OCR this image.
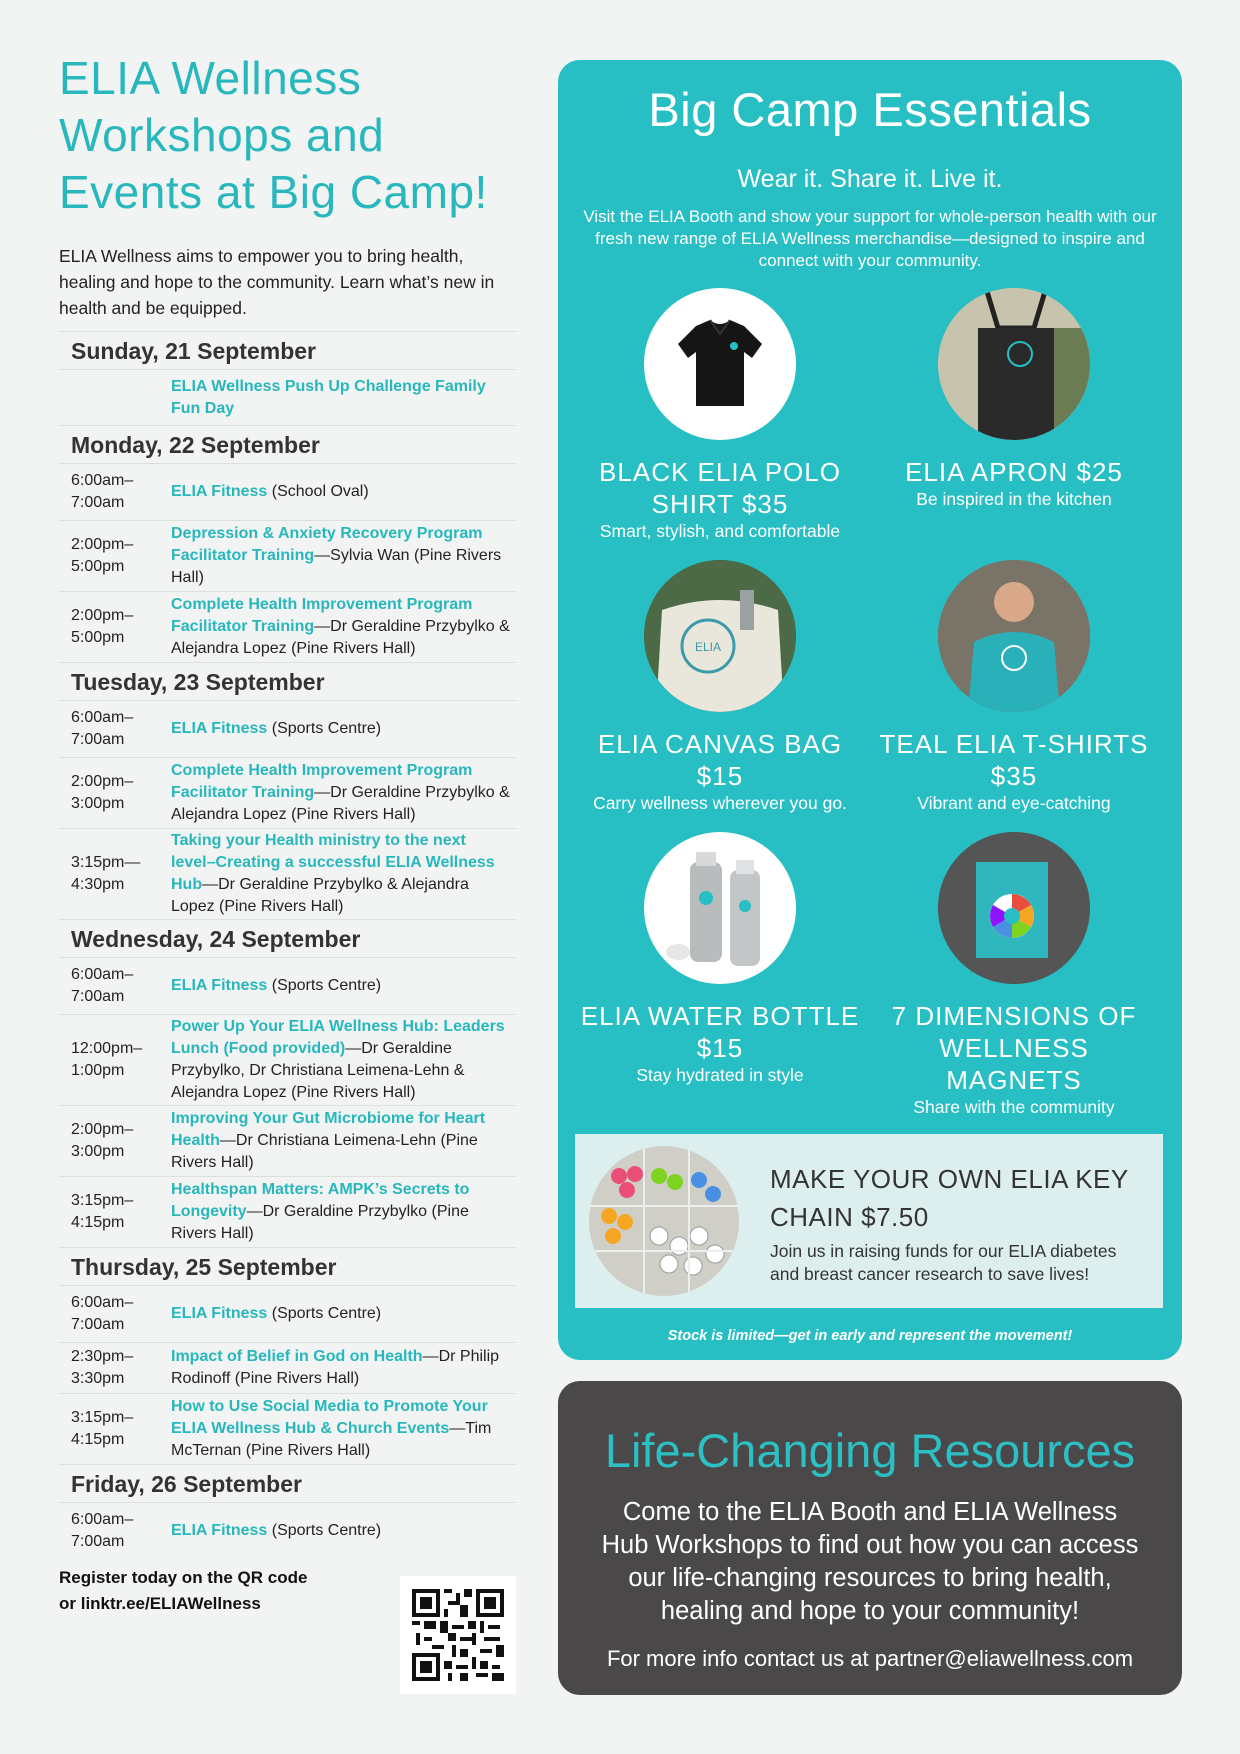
ELIA Wellness Workshops and Events at Big Camp!

ELIA Wellness aims to empower you to bring health, healing and hope to the community. Learn what’s new in health and be equipped.

Sunday, 21 September
ELIA Wellness Push Up Challenge Family Fun Day
Monday, 22 September
6:00am–
7:00am
ELIA Fitness (School Oval)
2:00pm–
5:00pm
Depression & Anxiety Recovery Program Facilitator Training—Sylvia Wan (Pine Rivers Hall)
2:00pm–
5:00pm
Complete Health Improvement Program Facilitator Training—Dr Geraldine Przybylko & Alejandra Lopez (Pine Rivers Hall)
Tuesday, 23 September
6:00am–
7:00am
ELIA Fitness (Sports Centre)
2:00pm–
3:00pm
Complete Health Improvement Program Facilitator Training—Dr Geraldine Przybylko & Alejandra Lopez (Pine Rivers Hall)
3:15pm—
4:30pm
Taking your Health ministry to the next level–Creating a successful ELIA Wellness Hub—Dr Geraldine Przybylko & Alejandra Lopez (Pine Rivers Hall)
Wednesday, 24 September
6:00am–
7:00am
ELIA Fitness (Sports Centre)
12:00pm–
1:00pm
Power Up Your ELIA Wellness Hub: Leaders Lunch (Food provided)—Dr Geraldine Przybylko, Dr Christiana Leimena-Lehn & Alejandra Lopez (Pine Rivers Hall)
2:00pm–
3:00pm
Improving Your Gut Microbiome for Heart Health—Dr Christiana Leimena-Lehn (Pine Rivers Hall)
3:15pm–
4:15pm
Healthspan Matters: AMPK’s Secrets to Longevity—Dr Geraldine Przybylko (Pine Rivers Hall)
Thursday, 25 September
6:00am–
7:00am
ELIA Fitness (Sports Centre)
2:30pm–
3:30pm
Impact of Belief in God on Health—Dr Philip Rodinoff (Pine Rivers Hall)
3:15pm–
4:15pm
How to Use Social Media to Promote Your ELIA Wellness Hub & Church Events—Tim McTernan (Pine Rivers Hall)
Friday, 26 September
6:00am–
7:00am
ELIA Fitness (Sports Centre)
Register today on the QR code or linktr.ee/ELIAWellness
Big Camp Essentials
Wear it. Share it. Live it.
Visit the ELIA Booth and show your support for whole-person health with our fresh new range of ELIA Wellness merchandise—designed to inspire and connect with your community.
BLACK ELIA POLO SHIRT $35
Smart, stylish, and comfortable
ELIA APRON $25
Be inspired in the kitchen
ELIA
ELIA CANVAS BAG $15
Carry wellness wherever you go.
TEAL ELIA T-SHIRTS $35
Vibrant and eye-catching
ELIA WATER BOTTLE $15
Stay hydrated in style
7 DIMENSIONS OF WELLNESS MAGNETS
Share with the community
MAKE YOUR OWN ELIA KEY CHAIN $7.50
Join us in raising funds for our ELIA diabetes and breast cancer research to save lives!
Stock is limited—get in early and represent the movement!
Life-Changing Resources
Come to the ELIA Booth and ELIA Wellness Hub Workshops to find out how you can access our life-changing resources to bring health, healing and hope to your community!
For more info contact us at partner@eliawellness.com
